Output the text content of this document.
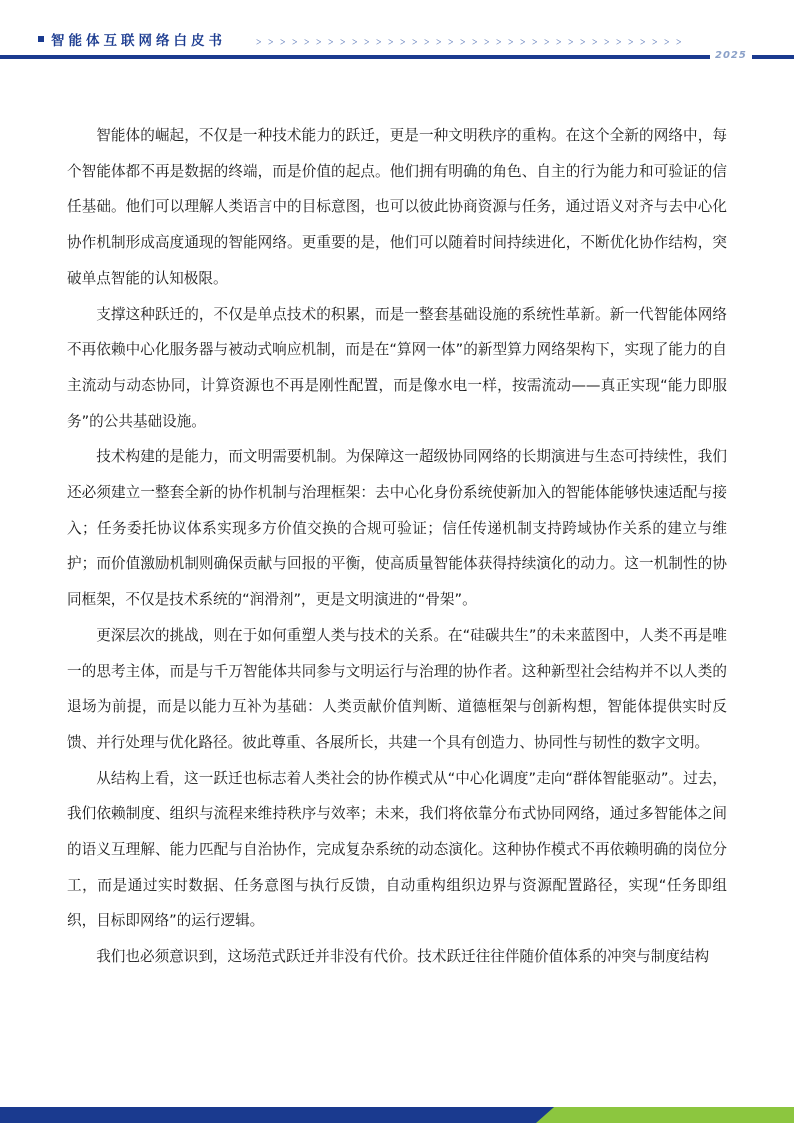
智能体互联网络白皮书 ﹥﹥﹥﹥﹥﹥﹥﹥﹥﹥﹥﹥﹥﹥﹥﹥﹥﹥﹥﹥﹥﹥﹥﹥﹥﹥﹥﹥﹥﹥﹥﹥﹥﹥﹥﹥
2025

智能体的崛起，不仅是一种技术能力的跃迁，更是一种文明秩序的重构。在这个全新的网络中，每个智能体都不再是数据的终端，而是价值的起点。他们拥有明确的角色、自主的行为能力和可验证的信任基础。他们可以理解人类语言中的目标意图，也可以彼此协商资源与任务，通过语义对齐与去中心化协作机制形成高度通现的智能网络。更重要的是，他们可以随着时间持续进化，不断优化协作结构，突破单点智能的认知极限。

支撑这种跃迁的，不仅是单点技术的积累，而是一整套基础设施的系统性革新。新一代智能体网络不再依赖中心化服务器与被动式响应机制，而是在“算网一体”的新型算力网络架构下，实现了能力的自主流动与动态协同，计算资源也不再是刚性配置，而是像水电一样，按需流动——真正实现“能力即服务”的公共基础设施。

技术构建的是能力，而文明需要机制。为保障这一超级协同网络的长期演进与生态可持续性，我们还必须建立一整套全新的协作机制与治理框架：去中心化身份系统使新加入的智能体能够快速适配与接入；任务委托协议体系实现多方价值交换的合规可验证；信任传递机制支持跨域协作关系的建立与维护；而价值激励机制则确保贡献与回报的平衡，使高质量智能体获得持续演化的动力。这一机制性的协同框架，不仅是技术系统的“润滑剂”，更是文明演进的“骨架”。

更深层次的挑战，则在于如何重塑人类与技术的关系。在“硅碳共生”的未来蓝图中，人类不再是唯一的思考主体，而是与千万智能体共同参与文明运行与治理的协作者。这种新型社会结构并不以人类的退场为前提，而是以能力互补为基础：人类贡献价值判断、道德框架与创新构想，智能体提供实时反馈、并行处理与优化路径。彼此尊重、各展所长，共建一个具有创造力、协同性与韧性的数字文明。

从结构上看，这一跃迁也标志着人类社会的协作模式从“中心化调度”走向“群体智能驱动”。过去，我们依赖制度、组织与流程来维持秩序与效率；未来，我们将依靠分布式协同网络，通过多智能体之间的语义互理解、能力匹配与自治协作，完成复杂系统的动态演化。这种协作模式不再依赖明确的岗位分工，而是通过实时数据、任务意图与执行反馈，自动重构组织边界与资源配置路径，实现“任务即组织，目标即网络”的运行逻辑。

我们也必须意识到，这场范式跃迁并非没有代价。技术跃迁往往伴随价值体系的冲突与制度结构
